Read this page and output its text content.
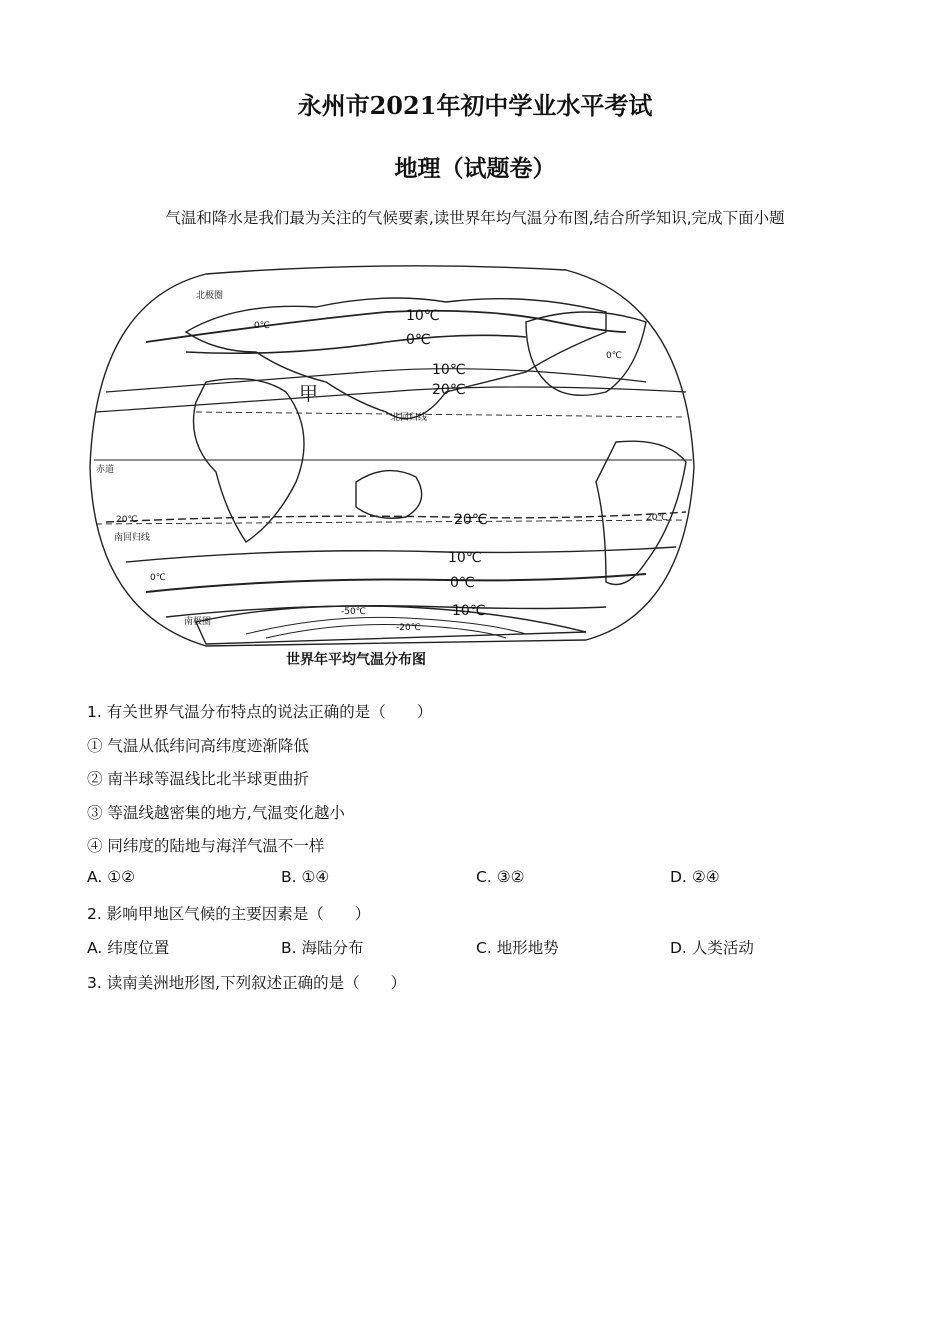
永州市2021年初中学业水平考试
地理（试题卷）
气温和降水是我们最为关注的气候要素,读世界年均气温分布图,结合所学知识,完成下面小题
10℃
0℃
10℃
20℃
甲
北回归线
赤道
南回归线
北极圈
南极圈
20℃
10℃
0℃
10℃
0℃
0℃
0℃
20℃	20℃
-50℃
-20℃
世界年平均气温分布图
1. 有关世界气温分布特点的说法正确的是（　　）
① 气温从低纬问高纬度迹渐降低
② 南半球等温线比北半球更曲折
③ 等温线越密集的地方,气温变化越小
④ 同纬度的陆地与海洋气温不一样
A. ①②	B. ①④	C. ③②	D. ②④
2. 影响甲地区气候的主要因素是（　　）
A. 纬度位置	B. 海陆分布	C. 地形地势	D. 人类活动
3. 读南美洲地形图,下列叙述正确的是（　　）
